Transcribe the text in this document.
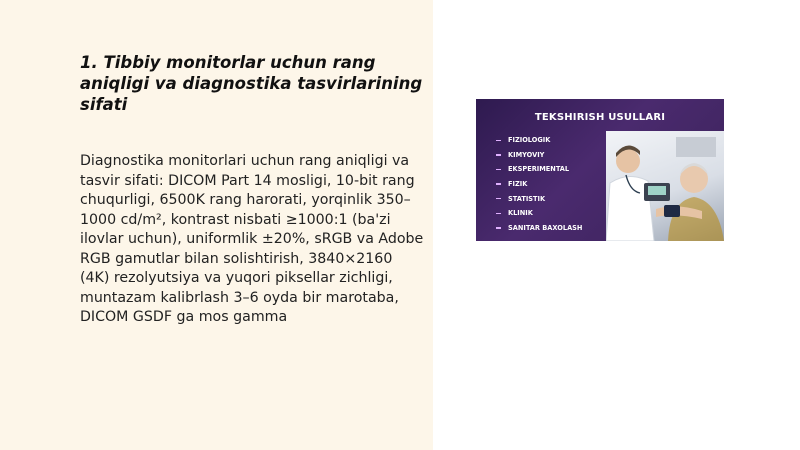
1. Tibbiy monitorlar uchun rang aniqligi va diagnostika tasvirlarining sifati

Diagnostika monitorlari uchun rang aniqligi va tasvir sifati: DICOM Part 14 mosligi, 10-bit rang chuqurligi, 6500K rang harorati, yorqinlik 350–1000 cd/m², kontrast nisbati ≥1000:1 (ba'zi ilovlar uchun), uniformlik ±20%, sRGB va Adobe RGB gamutlar bilan solishtirish, 3840×2160 (4K) rezolyutsiya va yuqori piksellar zichligi, muntazam kalibrlash 3–6 oyda bir marotaba, DICOM GSDF ga mos gamma

TEKSHIRISH USULLARI
FIZIOLOGIK
KIMYOVIY
EKSPERIMENTAL
FIZIK
STATISTIK
KLINIK
SANITAR BAXOLASH
